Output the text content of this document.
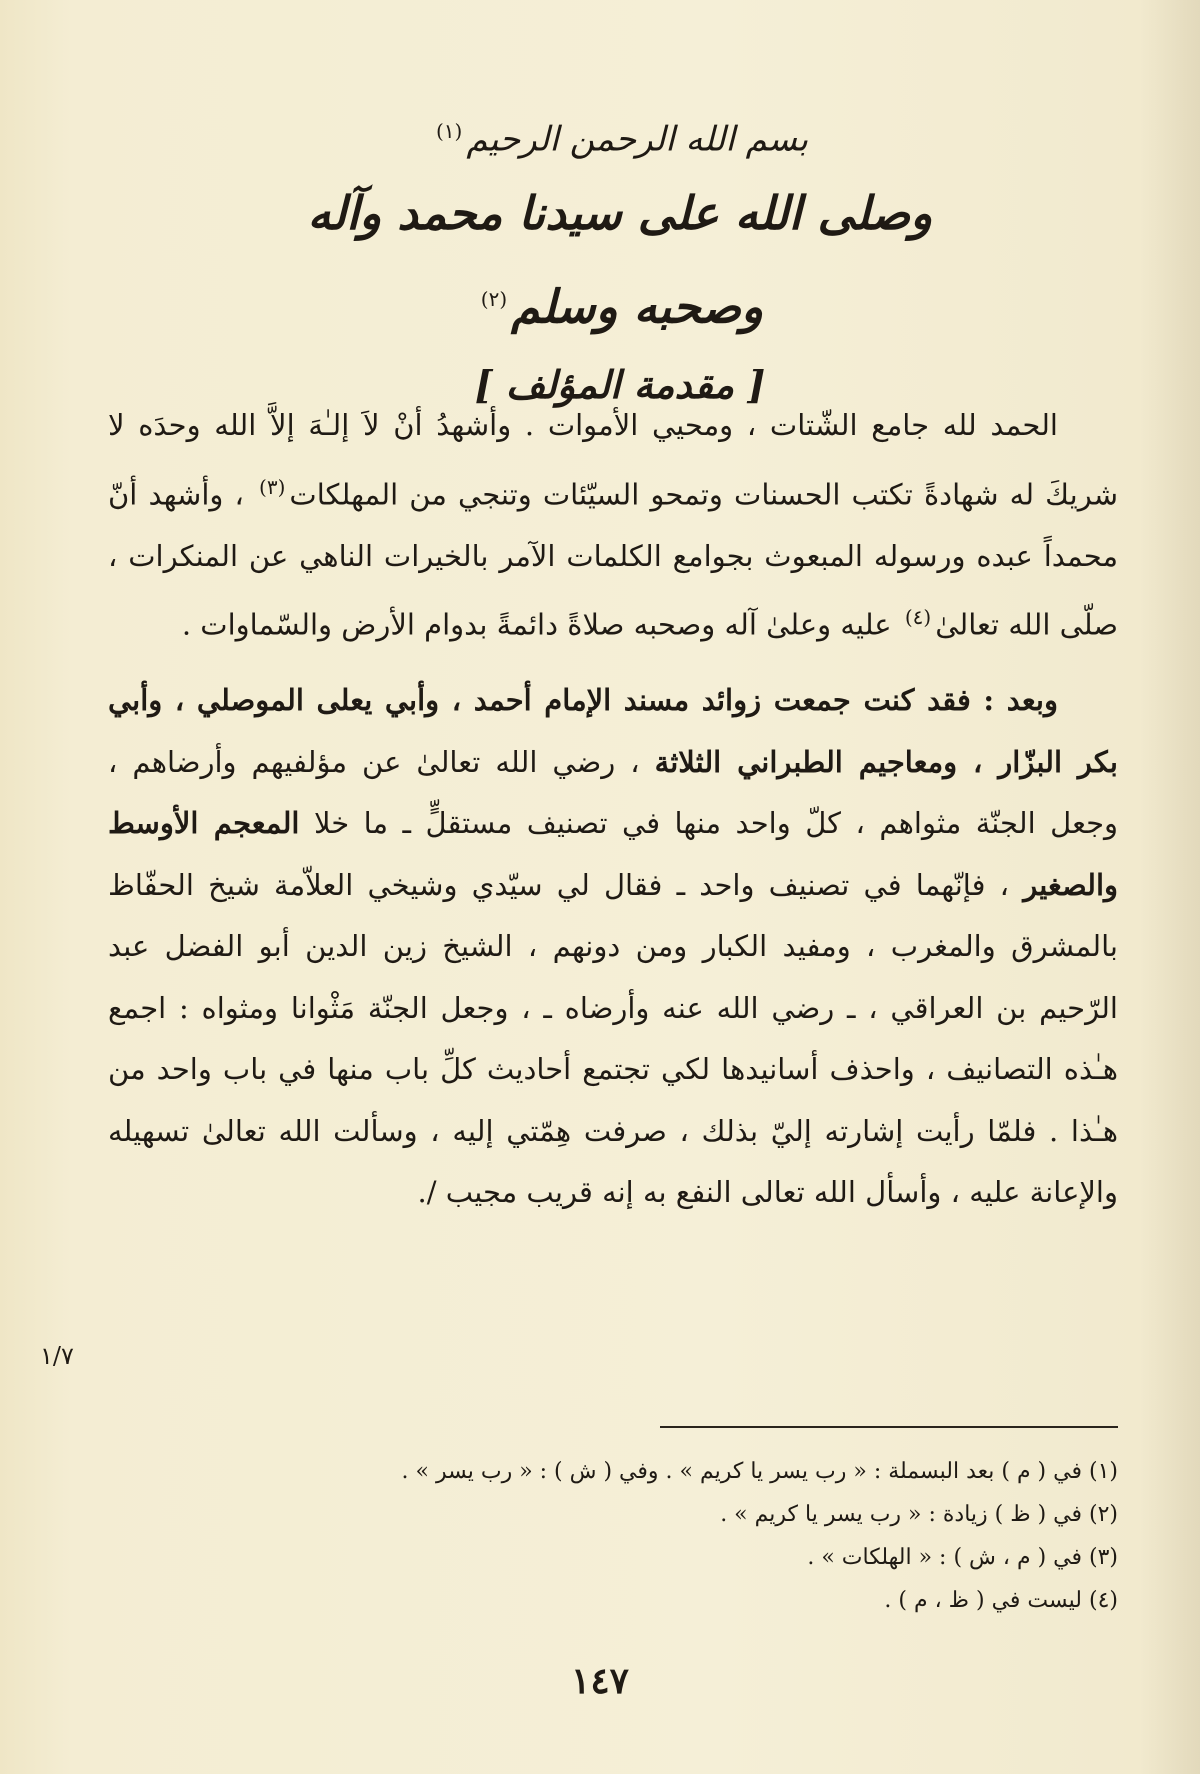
بسم الله الرحمن الرحيم$^{(١)}$
وصلى الله على سيدنا محمد وآله وصحبه وسلم$^{(٢)}$
[ مقدمة المؤلف ]

الحمد لله جامع الشّتات ، ومحيي الأموات . وأشهدُ أنْ لاَ إلـٰهَ إلاَّ الله وحدَه لا شريكَ له شهادةً تكتب الحسنات وتمحو السيّئات وتنجي من المهلكات$^{(٣)}$ ، وأشهد أنّ محمداً عبده ورسوله المبعوث بجوامع الكلمات الآمر بالخيرات الناهي عن المنكرات ، صلّى الله تعالىٰ$^{(٤)}$ عليه وعلىٰ آله وصحبه صلاةً دائمةً بدوام الأرض والسّماوات .

وبعد : فقد كنت جمعت زوائد مسند الإمام أحمد ، وأبي يعلى الموصلي ، وأبي بكر البزّار ، ومعاجيم الطبراني الثلاثة ، رضي الله تعالىٰ عن مؤلفيهم وأرضاهم ، وجعل الجنّة مثواهم ، كلّ واحد منها في تصنيف مستقلٍّ ـ ما خلا المعجم الأوسط والصغير ، فإنّهما في تصنيف واحد ـ فقال لي سيّدي وشيخي العلاّمة شيخ الحفّاظ بالمشرق والمغرب ، ومفيد الكبار ومن دونهم ، الشيخ زين الدين أبو الفضل عبد الرّحيم بن العراقي ، ـ رضي الله عنه وأرضاه ـ ، وجعل الجنّة مَثْوانا ومثواه : اجمع هـٰذه التصانيف ، واحذف أسانيدها لكي تجتمع أحاديث كلِّ باب منها في باب واحد من هـٰذا . فلمّا رأيت إشارته إليّ بذلك ، صرفت هِمّتي إليه ، وسألت الله تعالىٰ تسهيله والإعانة عليه ، وأسأل الله تعالى النفع به إنه قريب مجيب /.

١/٧

(١) في ( م ) بعد البسملة : « رب يسر يا كريم » . وفي ( ش ) : « رب يسر » .

(٢) في ( ظ ) زيادة : « رب يسر يا كريم » .

(٣) في ( م ، ش ) : « الهلكات » .

(٤) ليست في ( ظ ، م ) .

١٤٧
